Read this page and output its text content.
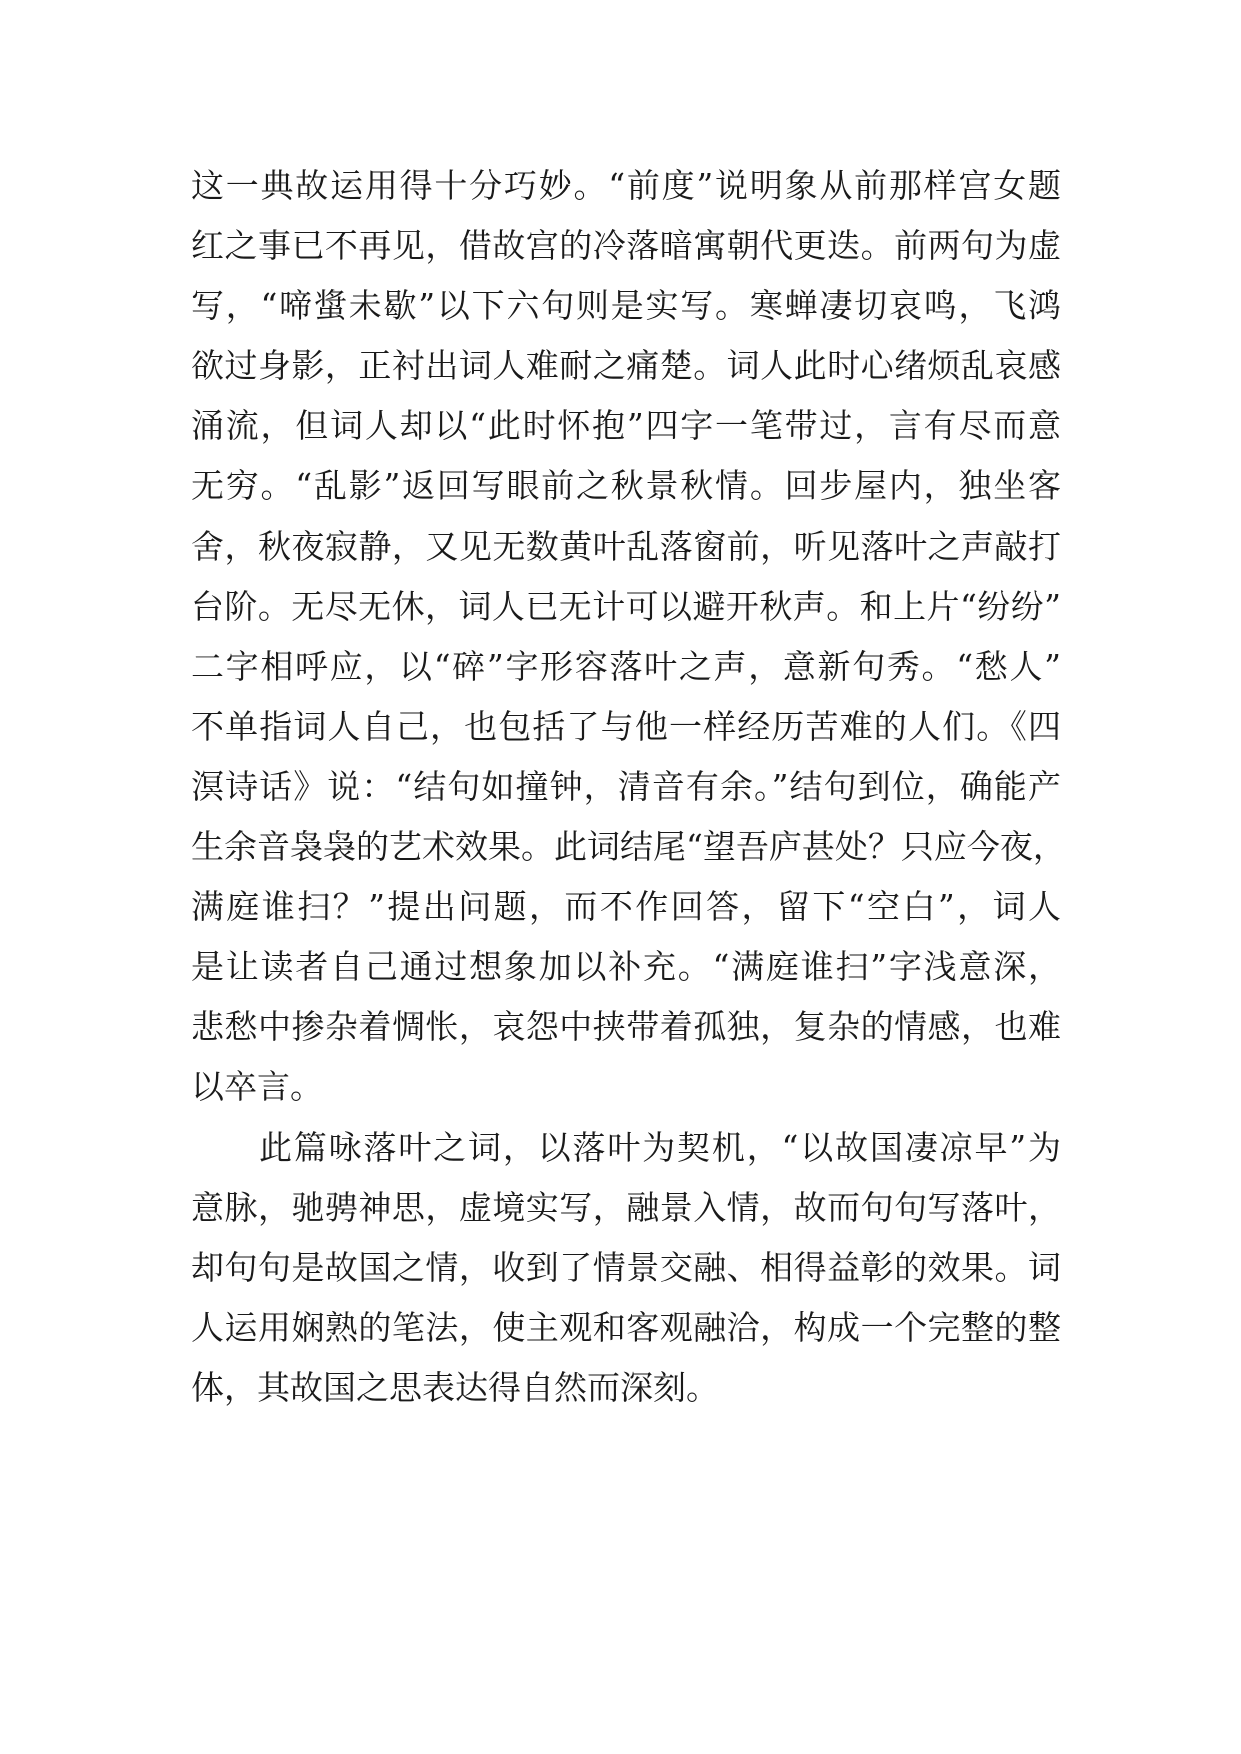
这一典故运用得十分巧妙。“前度”说明象从前那样宫女题
红之事已不再见，借故宫的冷落暗寓朝代更迭。前两句为虚
写，“啼螀未歇”以下六句则是实写。寒蝉凄切哀鸣，飞鸿
欲过身影，正衬出词人难耐之痛楚。词人此时心绪烦乱哀感
涌流，但词人却以“此时怀抱”四字一笔带过，言有尽而意
无穷。“乱影”返回写眼前之秋景秋情。回步屋内，独坐客
舍，秋夜寂静，又见无数黄叶乱落窗前，听见落叶之声敲打
台阶。无尽无休，词人已无计可以避开秋声。和上片“纷纷”
二字相呼应，以“碎”字形容落叶之声，意新句秀。“愁人”
不单指词人自己，也包括了与他一样经历苦难的人们。《四
溟诗话》说：“结句如撞钟，清音有余。”结句到位，确能产
生余音袅袅的艺术效果。此词结尾“望吾庐甚处？只应今夜，
满庭谁扫？”提出问题，而不作回答，留下“空白”，词人
是让读者自己通过想象加以补充。“满庭谁扫”字浅意深，
悲愁中掺杂着惆怅，哀怨中挟带着孤独，复杂的情感，也难
以卒言。
此篇咏落叶之词，以落叶为契机，“以故国凄凉早”为
意脉，驰骋神思，虚境实写，融景入情，故而句句写落叶，
却句句是故国之情，收到了情景交融、相得益彰的效果。词
人运用娴熟的笔法，使主观和客观融洽，构成一个完整的整
体，其故国之思表达得自然而深刻。
